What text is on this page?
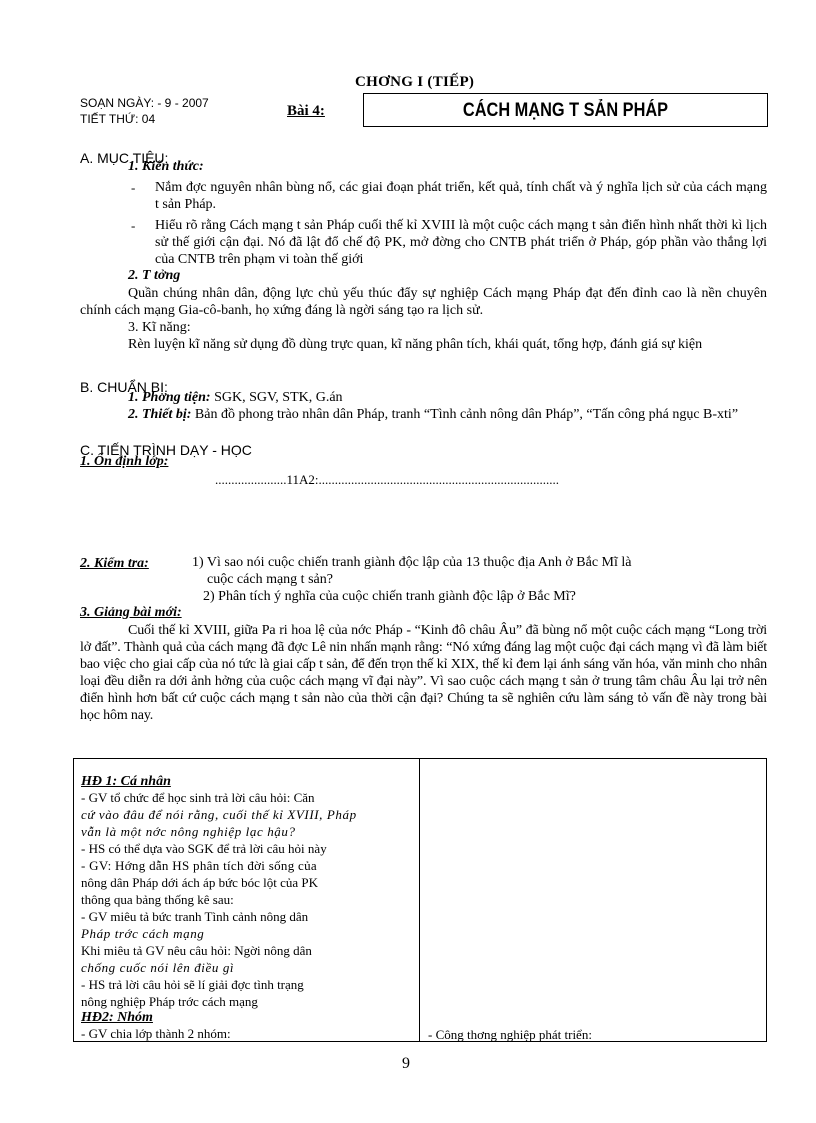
CHƠNG I (TIẾP)
SOẠN NGÀY: - 9 - 2007
TIẾT THỨ: 04	Bài 4:	CÁCH MẠNG T SẢN PHÁP
A. MỤC TIÊU:
1. Kiến thức:
- Nắm đợc nguyên nhân bùng nổ, các giai đoạn phát triển, kết quả, tính chất và ý nghĩa lịch sử của cách mạng t sản Pháp.
- Hiểu rõ rằng Cách mạng t sản Pháp cuối thế kỉ XVIII là một cuộc cách mạng t sản điển hình nhất thời kì lịch sử thế giới cận đại. Nó đã lật đổ chế độ PK, mở đờng cho CNTB phát triển ở Pháp, góp phần vào thắng lợi của CNTB trên phạm vi toàn thế giới
2. T tởng
Quần chúng nhân dân, động lực chủ yếu thúc đẩy sự nghiệp Cách mạng Pháp đạt đến đỉnh cao là nền chuyên chính cách mạng Gia-cô-banh, họ xứng đáng là ngời sáng tạo ra lịch sử.
3. Kĩ năng:
Rèn luyện kĩ năng sử dụng đồ dùng trực quan, kĩ năng phân tích, khái quát, tổng hợp, đánh giá sự kiện
B. CHUẨN BỊ:
1. Phơng tiện: SGK, SGV, STK, G.án
2. Thiết bị: Bản đồ phong trào nhân dân Pháp, tranh “Tình cảnh nông dân Pháp”, “Tấn công phá ngục B-xti”
C. TIẾN TRÌNH DẠY - HỌC
1. Ổn định lớp:
......................11A2:..........................................................................
2. Kiểm tra:	1) Vì sao nói cuộc chiến tranh giành độc lập của 13 thuộc địa Anh ở Bắc Mĩ là
cuộc cách mạng t sản?
2) Phân tích ý nghĩa của cuộc chiến tranh giành độc lập ở Bắc Mĩ?
3. Giảng bài mới:
Cuối thế kỉ XVIII, giữa Pa ri hoa lệ của nớc Pháp - “Kinh đô châu Âu” đã bùng nổ một cuộc cách mạng “Long trời lở đất”. Thành quả của cách mạng đã đợc Lê nin nhấn mạnh rằng: “Nó xứng đáng lag một cuộc đại cách mạng vì đã làm biết bao việc cho giai cấp của nó tức là giai cấp t sản, để đến trọn thế kỉ XIX, thế kỉ đem lại ánh sáng văn hóa, văn minh cho nhân loại đều diễn ra dới ảnh hởng của cuộc cách mạng vĩ đại này”. Vì sao cuộc cách mạng t sản ở trung tâm châu Âu lại trở nên điển hình hơn bất cứ cuộc cách mạng t sản nào của thời cận đại? Chúng ta sẽ nghiên cứu làm sáng tỏ vấn đề này trong bài học hôm nay.
HĐ 1: Cá nhân
- GV tổ chức để học sinh trả lời câu hỏi: Căn
cứ vào đâu để nói rằng, cuối thế kỉ XVIII, Pháp
vẫn là một nớc nông nghiệp lạc hậu?
- HS có thể dựa vào SGK để trả lời câu hỏi này
- GV: Hớng dẫn HS phân tích đời sống của
nông dân Pháp dới ách áp bức bóc lột của PK
thông qua bảng thống kê sau:
- GV miêu tả bức tranh Tình cảnh nông dân
Pháp trớc cách mạng
Khi miêu tả GV nêu câu hỏi: Ngời nông dân
chống cuốc nói lên điều gì
- HS trả lời câu hỏi sẽ lí giải đợc tình trạng
nông nghiệp Pháp trớc cách mạng
HĐ2: Nhóm
- GV chia lớp thành 2 nhóm:	- Công thơng nghiệp phát triển:
9
